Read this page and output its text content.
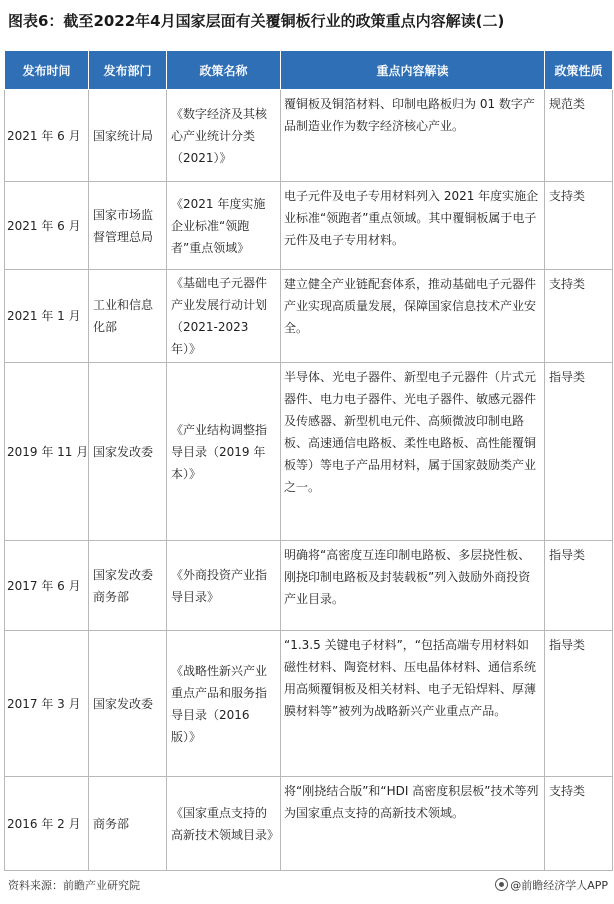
图表6：截至2022年4月国家层面有关覆铜板行业的政策重点内容解读(二)
发布时间	发布部门	政策名称	重点内容解读	政策性质
2021 年 6 月	国家统计局	《数字经济及其核心产业统计分类（2021）》	覆铜板及铜箔材料、印制电路板归为 01 数字产品制造业作为数字经济核心产业。	规范类
2021 年 6 月	国家市场监督管理总局	《2021 年度实施企业标准“领跑者”重点领域》	电子元件及电子专用材料列入 2021 年度实施企业标准“领跑者”重点领域。其中覆铜板属于电子元件及电子专用材料。	支持类
2021 年 1 月	工业和信息化部	《基础电子元器件产业发展行动计划（2021-2023 年）》	建立健全产业链配套体系，推动基础电子元器件产业实现高质量发展，保障国家信息技术产业安全。	支持类
2019 年 11 月	国家发改委	《产业结构调整指导目录（2019 年本）》	半导体、光电子器件、新型电子元器件（片式元器件、电力电子器件、光电子器件、敏感元器件及传感器、新型机电元件、高频微波印制电路板、高速通信电路板、柔性电路板、高性能覆铜板等）等电子产品用材料，属于国家鼓励类产业之一。	指导类
2017 年 6 月	国家发改委商务部	《外商投资产业指导目录》	明确将“高密度互连印制电路板、多层挠性板、刚挠印制电路板及封装载板”列入鼓励外商投资产业目录。	指导类
2017 年 3 月	国家发改委	《战略性新兴产业重点产品和服务指导目录（2016 版）》	“1.3.5 关键电子材料”，“包括高端专用材料如磁性材料、陶瓷材料、压电晶体材料、通信系统用高频覆铜板及相关材料、电子无铅焊料、厚薄膜材料等”被列为战略新兴产业重点产品。	指导类
2016 年 2 月	商务部	《国家重点支持的高新技术领域目录》	将“刚挠结合版”和“HDI 高密度积层板”技术等列为国家重点支持的高新技术领域。	支持类
资料来源：前瞻产业研究院	@前瞻经济学人APP
